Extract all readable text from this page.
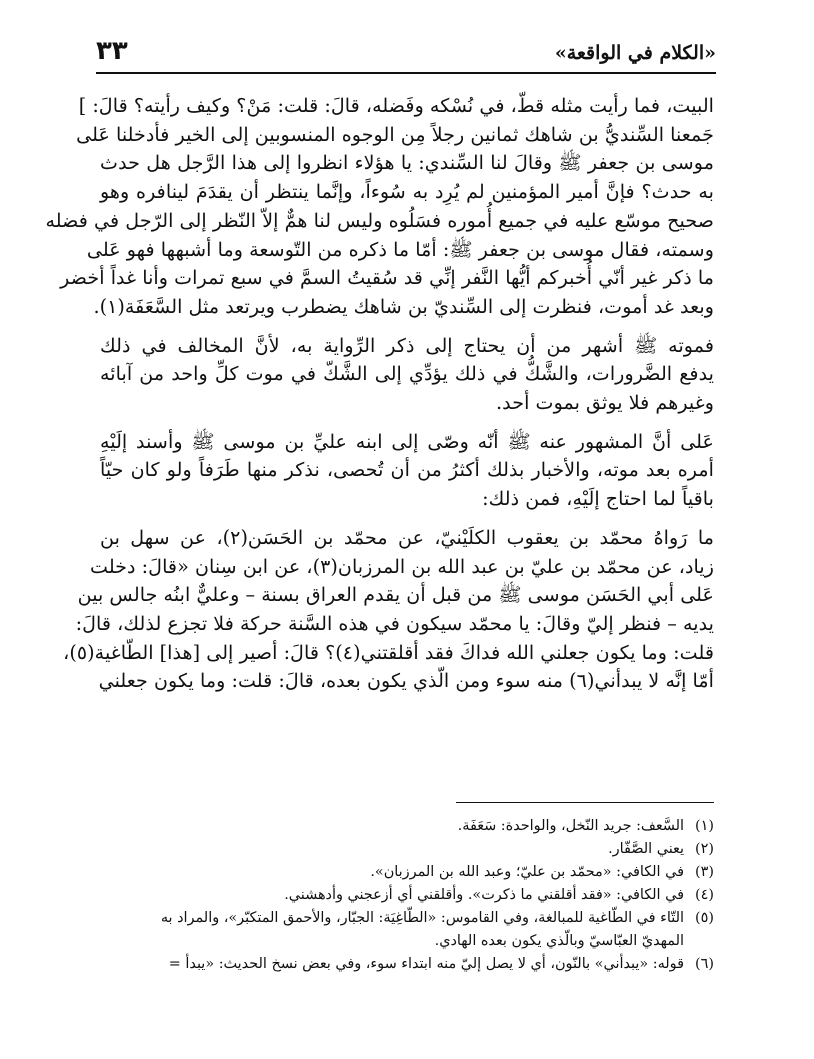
٣٣	«الكلام في الواقعة»
البيت، فما رأيت مثله قطّ، في نُسْكه وفَضله، قالَ: قلت: مَنْ؟ وكيف رأيته؟ قالَ: ]
جَمعنا السِّنديُّ بن شاهك ثمانين رجلاً مِن الوجوه المنسوبين إلى الخير فأدخلنا عَلى
موسى بن جعفر ﷺ وقالَ لنا السِّندي: يا هؤلاء انظروا إلى هذا الرَّجل هل حدث
به حدث؟ فإنَّ أمير المؤمنين لم يُرِد به سُوءاً، وإنَّما ينتظر أن يقدَمَ لينافره وهو
صحيح موسّع عليه في جميع أُموره فسَلُوه وليس لنا همٌّ إلاّ النّظر إلى الرّجل في فضله
وسمته، فقال موسى بن جعفر ﷺ: أمّا ما ذكره من التّوسعة وما أشبهها فهو عَلى
ما ذكر غير أنّي أُخبركم أيُّها النَّفر إنِّي قد سُقيتُ السمَّ في سبع تمرات وأنا غداً أخضر
وبعد غد أموت، فنظرت إلى السِّنديّ بن شاهك يضطرب ويرتعد مثل السَّعَفَة(١).
فموته ﷺ أشهر من أن يحتاج إلى ذكر الرِّواية به، لأنَّ المخالف في ذلك
يدفع الضَّرورات، والشَّكُّ في ذلك يؤدِّي إلى الشَّكّ في موت كلِّ واحد من آبائه
وغيرهم فلا يوثق بموت أحد.
عَلى أنَّ المشهور عنه ﷺ أنّه وصّى إلى ابنه عليِّ بن موسى ﷺ وأسند إلَيْهِ
أمره بعد موته، والأخبار بذلك أكثرُ من أن تُحصى، نذكر منها طَرَفاً ولو كان حيّاً
باقياً لما احتاج إلَيْهِ، فمن ذلك:
ما رَواهُ محمّد بن يعقوب الكلَيْنيّ، عن محمّد بن الحَسَن(٢)، عن سهل بن
زياد، عن محمّد بن عليّ بن عبد الله بن المرزبان(٣)، عن ابن سِنان «قالَ: دخلت
عَلى أبي الحَسَن موسى ﷺ من قبل أن يقدم العراق بسنة – وعليٌّ ابنُه جالس بين
يديه – فنظر إليّ وقالَ: يا محمّد سيكون في هذه السَّنة حركة فلا تجزع لذلك، قالَ:
قلت: وما يكون جعلني الله فداكَ فقد أقلقتني(٤)؟ قالَ: أصير إلى [هذا] الطّاغية(٥)،
أمّا إنَّه لا يبدأني(٦) منه سوء ومن الّذي يكون بعده، قالَ: قلت: وما يكون جعلني
(١)
السَّعف: جريد النّخل، والواحدة: سَعَفَة.
(٢)
يعني الصَّفّار.
(٣)
في الكافي: «محمّد بن عليّ؛ وعبد الله بن المرزبان».
(٤)
في الكافي: «فقد أقلقني ما ذكرت». وأقلقني أي أزعجني وأدهشني.
(٥)
التّاء في الطّاغية للمبالغة، وفي القاموس: «الطّاغِيَة: الجبّار، والأحمق المتكبّر»، والمراد به
المهديّ العبّاسيّ وبالّذي يكون بعده الهادي.
(٦)
قوله: «يبدأني» بالنّون، أي لا يصل إليّ منه ابتداء سوء، وفي بعض نسخ الحديث: «يبدأ =
